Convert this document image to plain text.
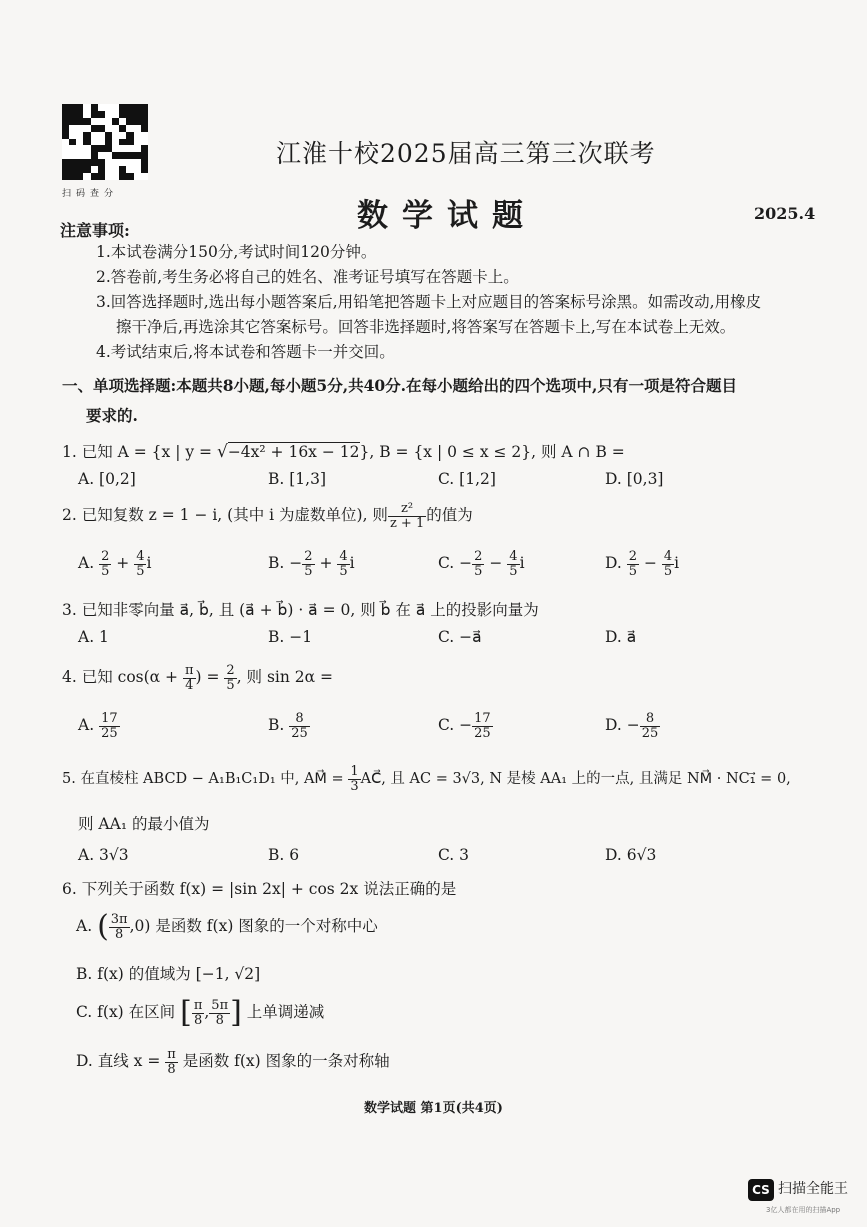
扫码查分
江淮十校2025届高三第三次联考
数学试题	2025.4
注意事项:
1.本试卷满分150分,考试时间120分钟。
2.答卷前,考生务必将自己的姓名、准考证号填写在答题卡上。
3.回答选择题时,选出每小题答案后,用铅笔把答题卡上对应题目的答案标号涂黑。如需改动,用橡皮
擦干净后,再选涂其它答案标号。回答非选择题时,将答案写在答题卡上,写在本试卷上无效。
4.考试结束后,将本试卷和答题卡一并交回。
一、单项选择题:本题共8小题,每小题5分,共40分.在每小题给出的四个选项中,只有一项是符合题目
要求的.
1. 已知 A = {x | y = √−4x² + 16x − 12}, B = {x | 0 ≤ x ≤ 2}, 则 A ∩ B =
A. [0,2]	B. [1,3]	C. [1,2]	D. [0,3]
2. 已知复数 z = 1 − i, (其中 i 为虚数单位), 则 $\frac{\text{z²}}{z + 1}$ 的值为
A. $\frac{2}{5} + \frac{4}{5}$ i	B. − $\frac{2}{5} + \frac{4}{5}$ i	C. − $\frac{2}{5} - \frac{4}{5}$ i	D. $\frac{2}{5} - \frac{4}{5}$ i
3. 已知非零向量 a⃗, b⃗, 且 (a⃗ + b⃗) · a⃗ = 0, 则 b⃗ 在 a⃗ 上的投影向量为
A. 1	B. −1	C. −a⃗	D. a⃗
4. 已知 $\cos(\alpha + \frac{\pi}{4}$ ) = $\frac{2}{5}$ , 则 sin 2α =
A. $\frac{17}{25}$	B. $\frac{8}{25}$	C. − $\frac{17}{25}$	D. − $\frac{8}{25}$
5. 在直棱柱 ABCD − A₁B₁C₁D₁ 中, AM⃗ = $\frac{1}{3}$ AC⃗, 且 AC = 3√3, N 是棱 AA₁ 上的一点, 且满足 NM⃗ · NC₁⃗ = 0,
则 AA₁ 的最小值为
A. 3√3	B. 6	C. 3	D. 6√3
6. 下列关于函数 f(x) = |sin 2x| + cos 2x 说法正确的是
A. ( $\frac{3\pi}{8} ,0$) 是函数 f(x) 图象的一个对称中心
B. f(x) 的值域为 [−1, √2]
C. f(x) 在区间 [ $\frac{\pi}{8}$ , $\frac{5\pi}{8}$ ] 上单调递减
D. 直线 $x = \frac{\pi}{8}$ 是函数 f(x) 图象的一条对称轴
数学试题 第1页(共4页)
CS 扫描全能王
3亿人都在用的扫描App
